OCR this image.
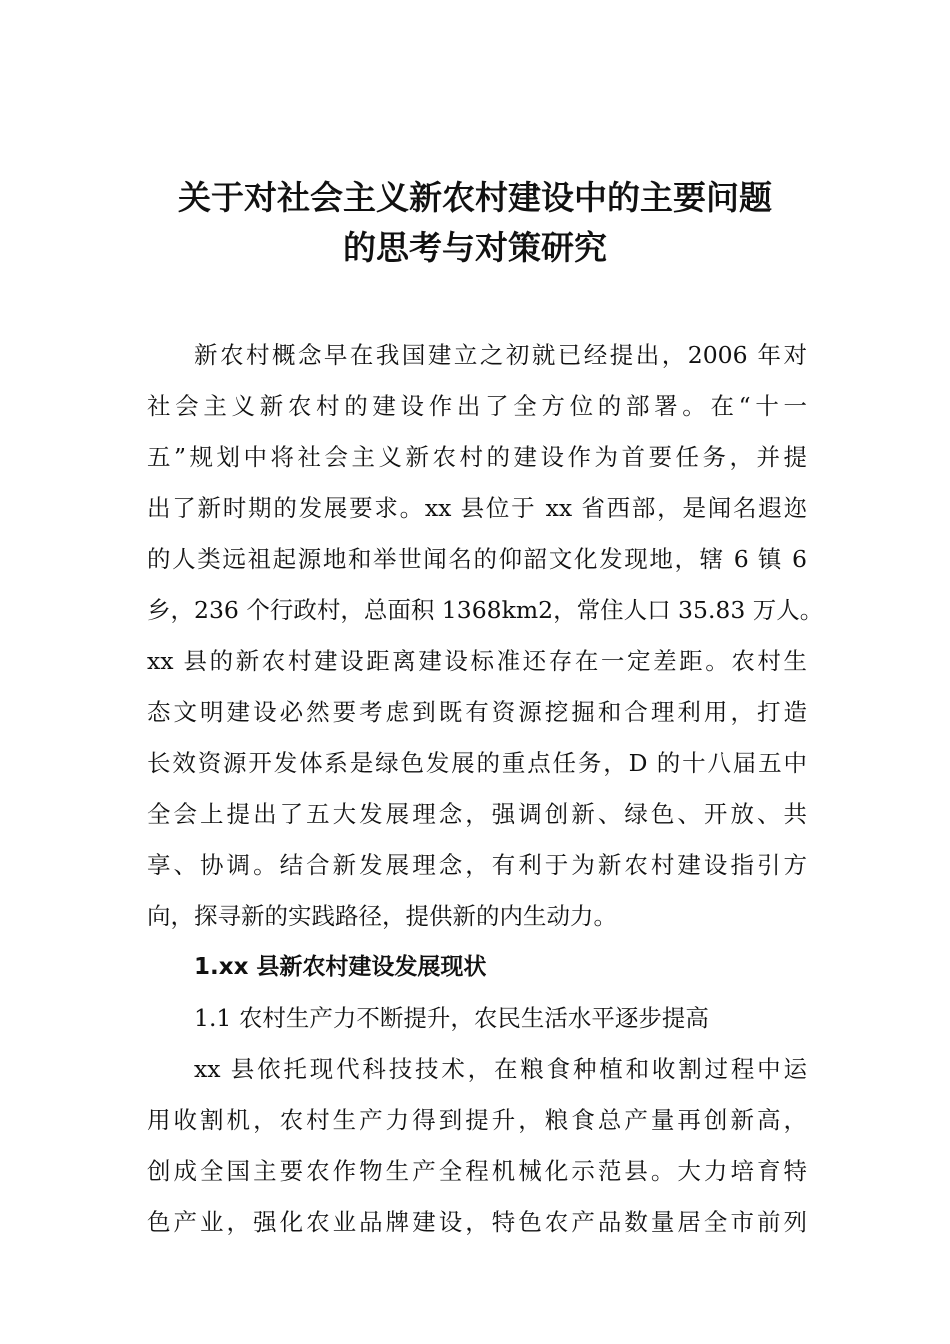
关于对社会主义新农村建设中的主要问题
的思考与对策研究
新农村概念早在我国建立之初就已经提出，2006 年对
社会主义新农村的建设作出了全方位的部署。在“十一
五”规划中将社会主义新农村的建设作为首要任务，并提
出了新时期的发展要求。xx 县位于 xx 省西部，是闻名遐迩
的人类远祖起源地和举世闻名的仰韶文化发现地，辖 6 镇 6
乡，236 个行政村，总面积 1368km2，常住人口 35.83 万人。
xx 县的新农村建设距离建设标准还存在一定差距。农村生
态文明建设必然要考虑到既有资源挖掘和合理利用，打造
长效资源开发体系是绿色发展的重点任务，D 的十八届五中
全会上提出了五大发展理念，强调创新、绿色、开放、共
享、协调。结合新发展理念，有利于为新农村建设指引方
向，探寻新的实践路径，提供新的内生动力。
1.xx 县新农村建设发展现状
1.1 农村生产力不断提升，农民生活水平逐步提高
xx 县依托现代科技技术，在粮食种植和收割过程中运
用收割机，农村生产力得到提升，粮食总产量再创新高，
创成全国主要农作物生产全程机械化示范县。大力培育特
色产业，强化农业品牌建设，特色农产品数量居全市前列
